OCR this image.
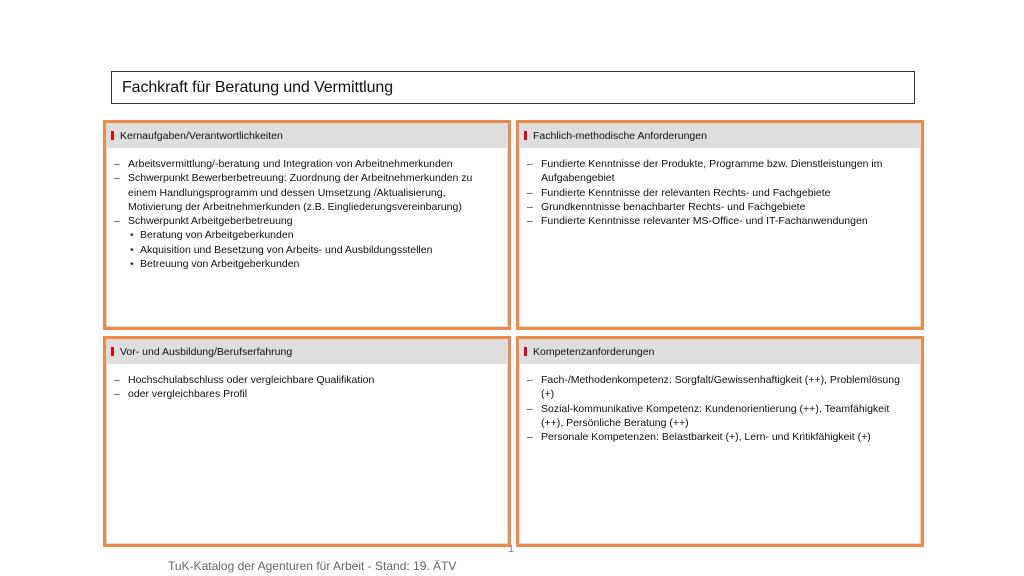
Fachkraft für Beratung und Vermittlung
Kernaufgaben/Verantwortlichkeiten
– Arbeitsvermittlung/-beratung und Integration von Arbeitnehmerkunden
– Schwerpunkt Bewerberbetreuung: Zuordnung der Arbeitnehmerkunden zu einem Handlungsprogramm und dessen Umsetzung /Aktualisierung, Motivierung der Arbeitnehmerkunden (z.B. Eingliederungsvereinbarung)
– Schwerpunkt Arbeitgeberbetreuung
• Beratung von Arbeitgeberkunden
• Akquisition und Besetzung von Arbeits- und Ausbildungsstellen
• Betreuung von Arbeitgeberkunden
Fachlich-methodische Anforderungen
– Fundierte Kenntnisse der Produkte, Programme bzw. Dienstleistungen im Aufgabengebiet
– Fundierte Kenntnisse der relevanten Rechts- und Fachgebiete
– Grundkenntnisse benachbarter Rechts- und Fachgebiete
– Fundierte Kenntnisse relevanter MS-Office- und IT-Fachanwendungen
Vor- und Ausbildung/Berufserfahrung
– Hochschulabschluss oder vergleichbare Qualifikation
– oder vergleichbares Profil
Kompetenzanforderungen
– Fach-/Methodenkompetenz: Sorgfalt/Gewissenhaftigkeit (++), Problemlösung (+)
– Sozial-kommunikative Kompetenz: Kundenorientierung (++), Teamfähigkeit (++), Persönliche Beratung (++)
– Personale Kompetenzen: Belastbarkeit (+), Lern- und Kritikfähigkeit (+)
1
TuK-Katalog der Agenturen für Arbeit - Stand: 19. ÄTV
